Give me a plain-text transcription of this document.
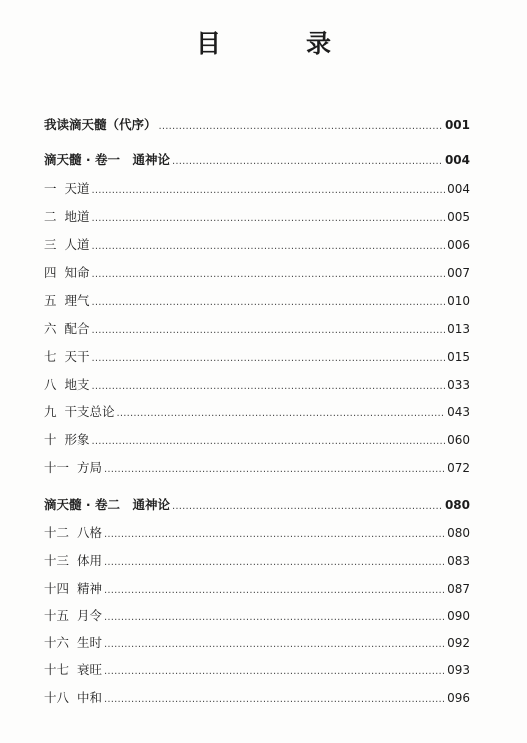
目　录
我读滴天髓（代序） .....	001
滴天髓 · 卷一　通神论 .....	004
一 天道 .....	004
二 地道 .....	005
三 人道 .....	006
四 知命 .....	007
五 理气 .....	010
六 配合 .....	013
七 天干 .....	015
八 地支 .....	033
九 干支总论 .....	043
十 形象 .....	060
十一 方局 .....	072
滴天髓 · 卷二　通神论 .....	080
十二 八格 .....	080
十三 体用 .....	083
十四 精神 .....	087
十五 月令 .....	090
十六 生时 .....	092
十七 衰旺 .....	093
十八 中和 .....	096
